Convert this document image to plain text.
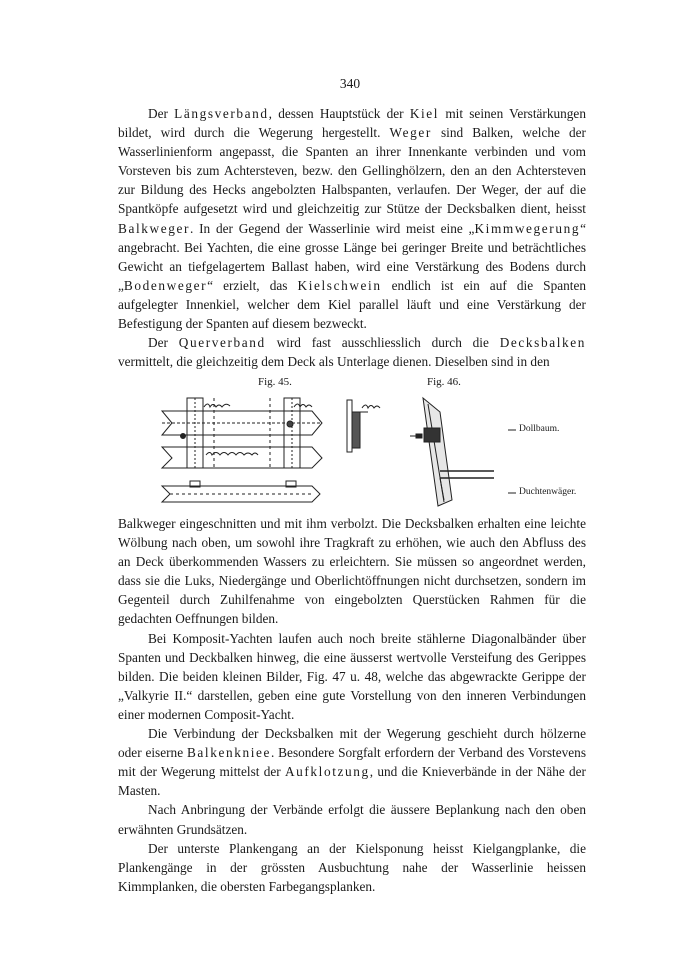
340

Der Längsverband, dessen Hauptstück der Kiel mit seinen Verstärkungen bildet, wird durch die Wegerung hergestellt. Weger sind Balken, welche der Wasserlinienform angepasst, die Spanten an ihrer Innenkante verbinden und vom Vorsteven bis zum Achtersteven, bezw. den Gellinghölzern, den an den Achtersteven zur Bildung des Hecks angebolzten Halbspanten, verlaufen. Der Weger, der auf die Spantköpfe aufgesetzt wird und gleichzeitig zur Stütze der Decksbalken dient, heisst Balkweger. In der Gegend der Wasserlinie wird meist eine „Kimmwegerung“ angebracht. Bei Yachten, die eine grosse Länge bei geringer Breite und beträchtliches Gewicht an tiefgelagertem Ballast haben, wird eine Verstärkung des Bodens durch „Bodenweger“ erzielt, das Kielschwein endlich ist ein auf die Spanten aufgelegter Innenkiel, welcher dem Kiel parallel läuft und eine Verstärkung der Befestigung der Spanten auf diesem bezweckt.

Der Querverband wird fast ausschliesslich durch die Decksbalken vermittelt, die gleichzeitig dem Deck als Unterlage dienen. Dieselben sind in den

Fig. 45.	Fig. 46.
Dollbaum.
Duchtenwäger.

Balkweger eingeschnitten und mit ihm verbolzt. Die Decksbalken erhalten eine leichte Wölbung nach oben, um sowohl ihre Tragkraft zu erhöhen, wie auch den Abfluss des an Deck überkommenden Wassers zu erleichtern. Sie müssen so angeordnet werden, dass sie die Luks, Niedergänge und Oberlichtöffnungen nicht durchsetzen, sondern im Gegenteil durch Zuhilfenahme von eingebolzten Querstücken Rahmen für die gedachten Oeffnungen bilden.

Bei Komposit-Yachten laufen auch noch breite stählerne Diagonalbänder über Spanten und Deckbalken hinweg, die eine äusserst wertvolle Versteifung des Gerippes bilden. Die beiden kleinen Bilder, Fig. 47 u. 48, welche das abgewrackte Gerippe der „Valkyrie II.“ darstellen, geben eine gute Vorstellung von den inneren Verbindungen einer modernen Composit-Yacht.

Die Verbindung der Decksbalken mit der Wegerung geschieht durch hölzerne oder eiserne Balkenkniee. Besondere Sorgfalt erfordern der Verband des Vorstevens mit der Wegerung mittelst der Aufklotzung, und die Knieverbände in der Nähe der Masten.

Nach Anbringung der Verbände erfolgt die äussere Beplankung nach den oben erwähnten Grundsätzen.

Der unterste Plankengang an der Kielsponung heisst Kielgangplanke, die Plankengänge in der grössten Ausbuchtung nahe der Wasserlinie heissen Kimmplanken, die obersten Farbegangsplanken.
